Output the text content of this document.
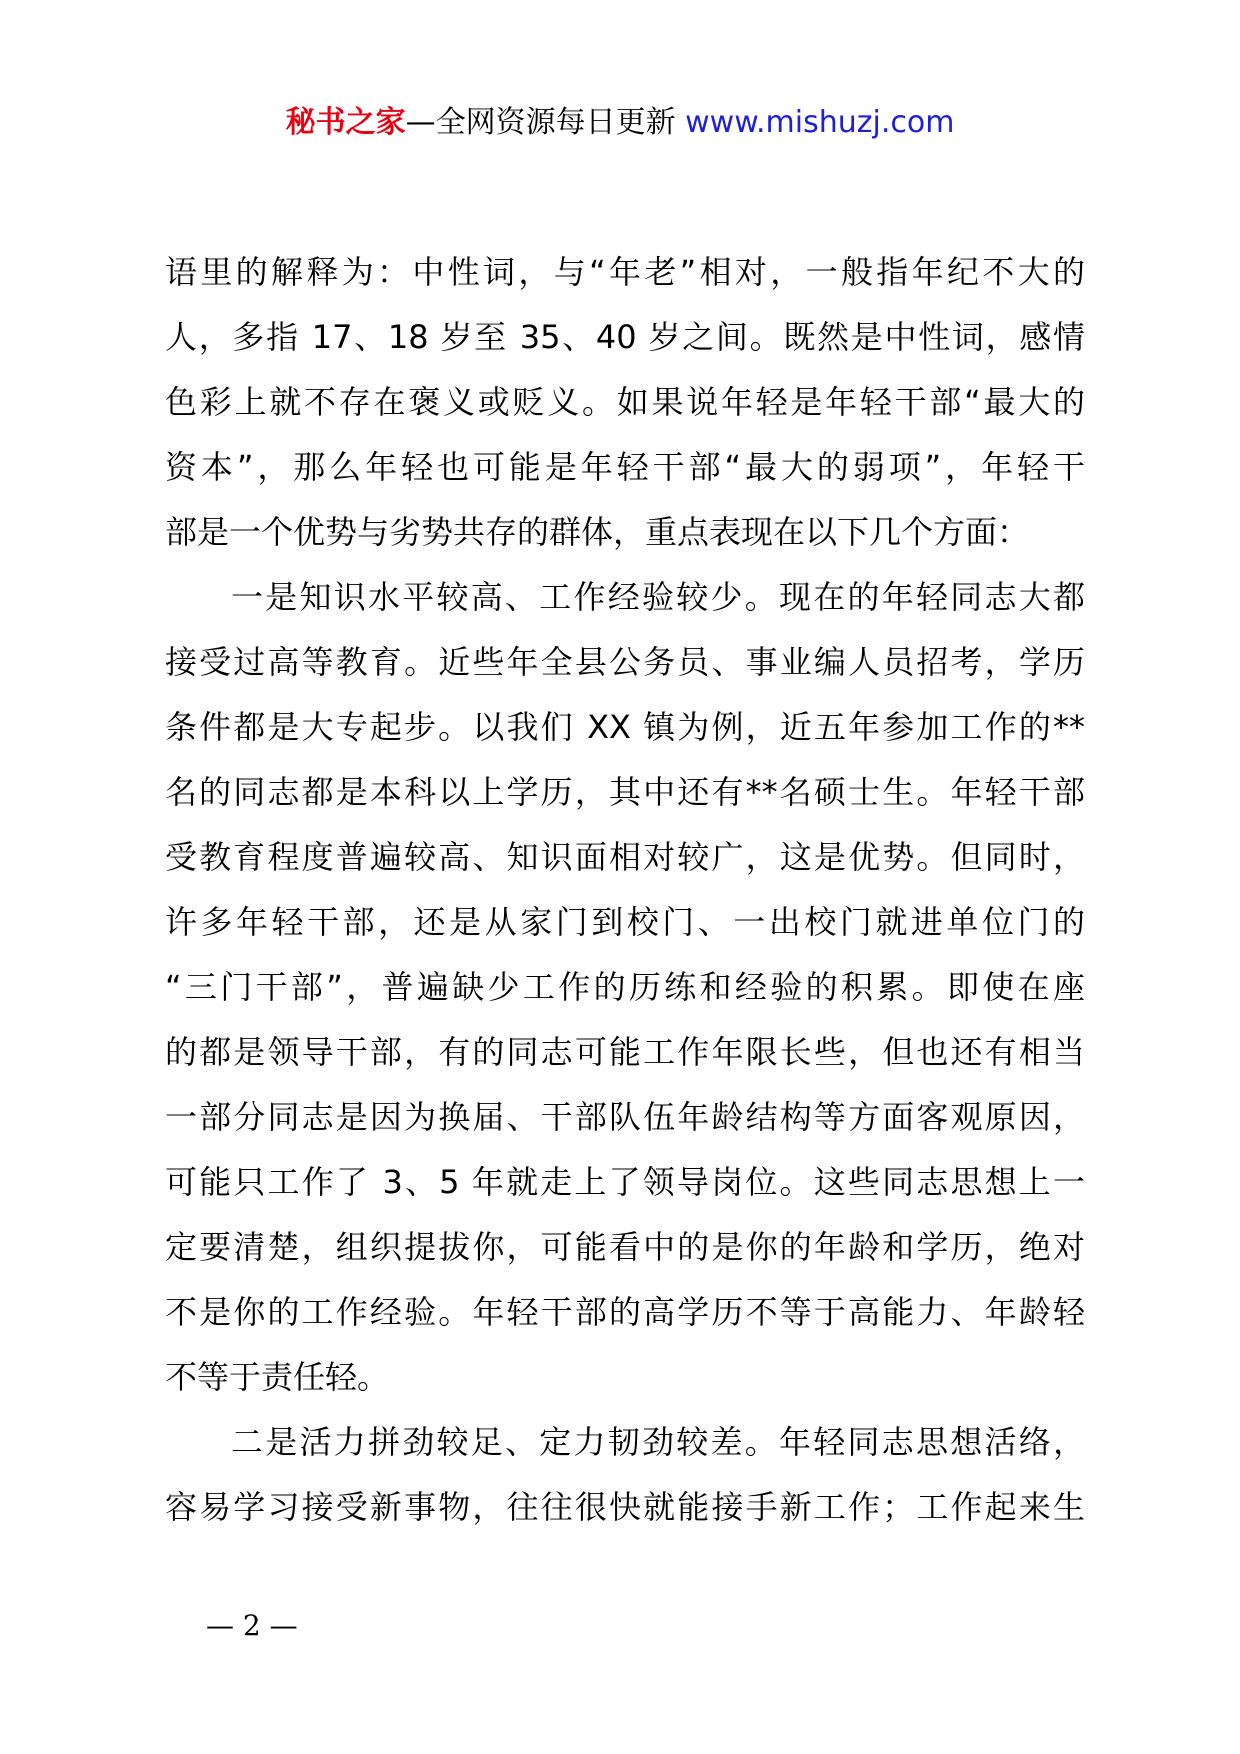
秘书之家—全网资源每日更新 www.mishuzj.com
语里的解释为：中性词，与“年老”相对，一般指年纪不大的
人，多指 17、18 岁至 35、40 岁之间。既然是中性词，感情
色彩上就不存在褒义或贬义。如果说年轻是年轻干部“最大的
资本”，那么年轻也可能是年轻干部“最大的弱项”，年轻干
部是一个优势与劣势共存的群体，重点表现在以下几个方面：
一是知识水平较高、工作经验较少。现在的年轻同志大都
接受过高等教育。近些年全县公务员、事业编人员招考，学历
条件都是大专起步。以我们 XX 镇为例，近五年参加工作的**
名的同志都是本科以上学历，其中还有**名硕士生。年轻干部
受教育程度普遍较高、知识面相对较广，这是优势。但同时，
许多年轻干部，还是从家门到校门、一出校门就进单位门的
“三门干部”，普遍缺少工作的历练和经验的积累。即使在座
的都是领导干部，有的同志可能工作年限长些，但也还有相当
一部分同志是因为换届、干部队伍年龄结构等方面客观原因，
可能只工作了 3、5 年就走上了领导岗位。这些同志思想上一
定要清楚，组织提拔你，可能看中的是你的年龄和学历，绝对
不是你的工作经验。年轻干部的高学历不等于高能力、年龄轻
不等于责任轻。
二是活力拼劲较足、定力韧劲较差。年轻同志思想活络，
容易学习接受新事物，往往很快就能接手新工作；工作起来生
— 2 —
